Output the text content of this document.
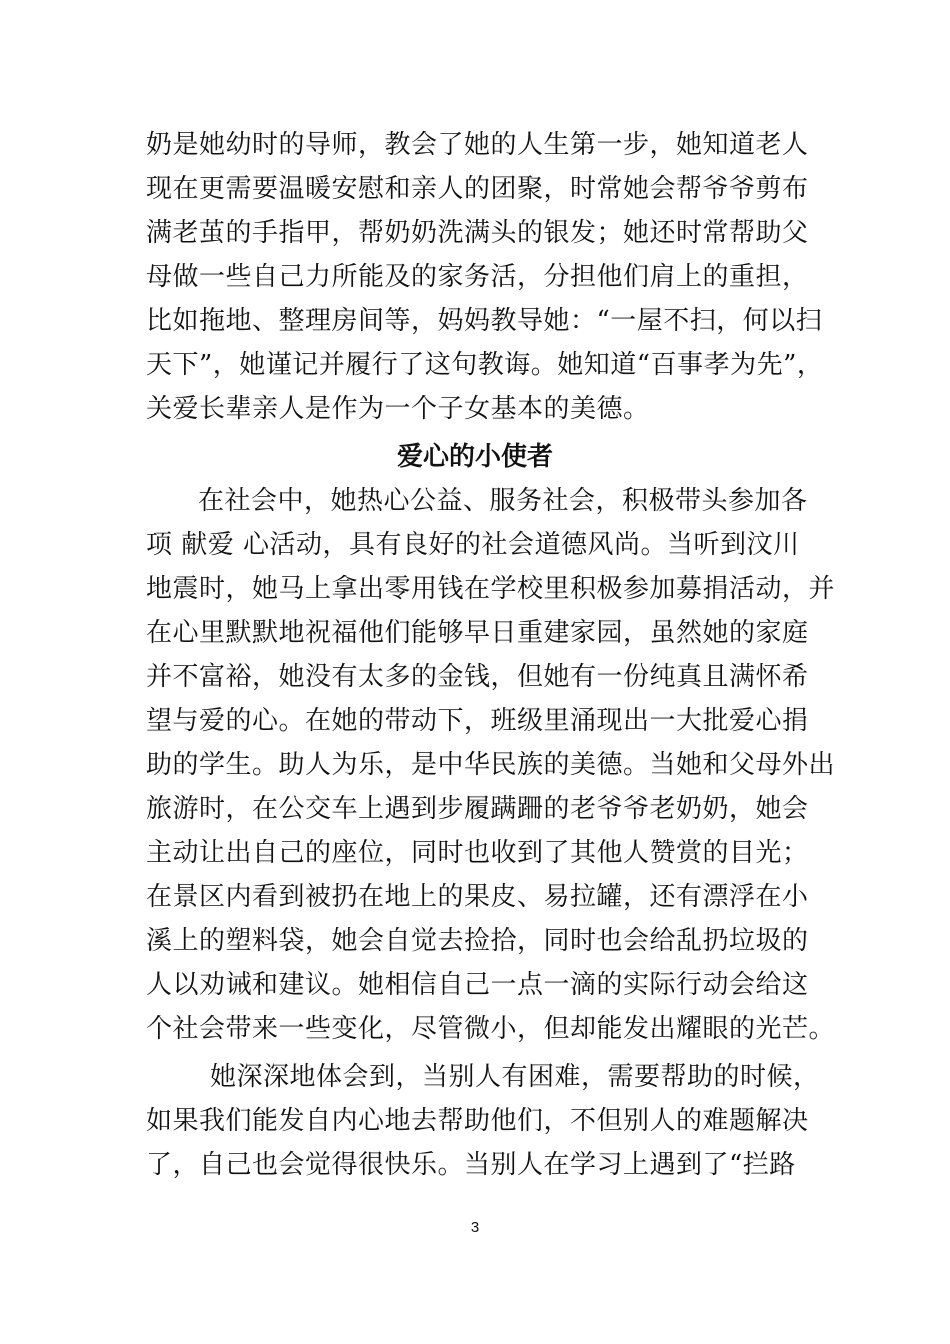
奶是她幼时的导师，教会了她的人生第一步，她知道老人
现在更需要温暖安慰和亲人的团聚，时常她会帮爷爷剪布
满老茧的手指甲，帮奶奶洗满头的银发；她还时常帮助父
母做一些自己力所能及的家务活，分担他们肩上的重担，
比如拖地、整理房间等，妈妈教导她：“一屋不扫，何以扫
天下”，她谨记并履行了这句教诲。她知道“百事孝为先”，
关爱长辈亲人是作为一个子女基本的美德。
爱心的小使者
在社会中，她热心公益、服务社会，积极带头参加各
项 献爱 心活动，具有良好的社会道德风尚。当听到汶川
地震时，她马上拿出零用钱在学校里积极参加募捐活动，并
在心里默默地祝福他们能够早日重建家园，虽然她的家庭
并不富裕，她没有太多的金钱，但她有一份纯真且满怀希
望与爱的心。在她的带动下，班级里涌现出一大批爱心捐
助的学生。助人为乐，是中华民族的美德。当她和父母外出
旅游时，在公交车上遇到步履蹒跚的老爷爷老奶奶，她会
主动让出自己的座位，同时也收到了其他人赞赏的目光；
在景区内看到被扔在地上的果皮、易拉罐，还有漂浮在小
溪上的塑料袋，她会自觉去捡拾，同时也会给乱扔垃圾的
人以劝诫和建议。她相信自己一点一滴的实际行动会给这
个社会带来一些变化，尽管微小，但却能发出耀眼的光芒。
她深深地体会到，当别人有困难，需要帮助的时候，
如果我们能发自内心地去帮助他们，不但别人的难题解决
了，自己也会觉得很快乐。当别人在学习上遇到了“拦路
3
